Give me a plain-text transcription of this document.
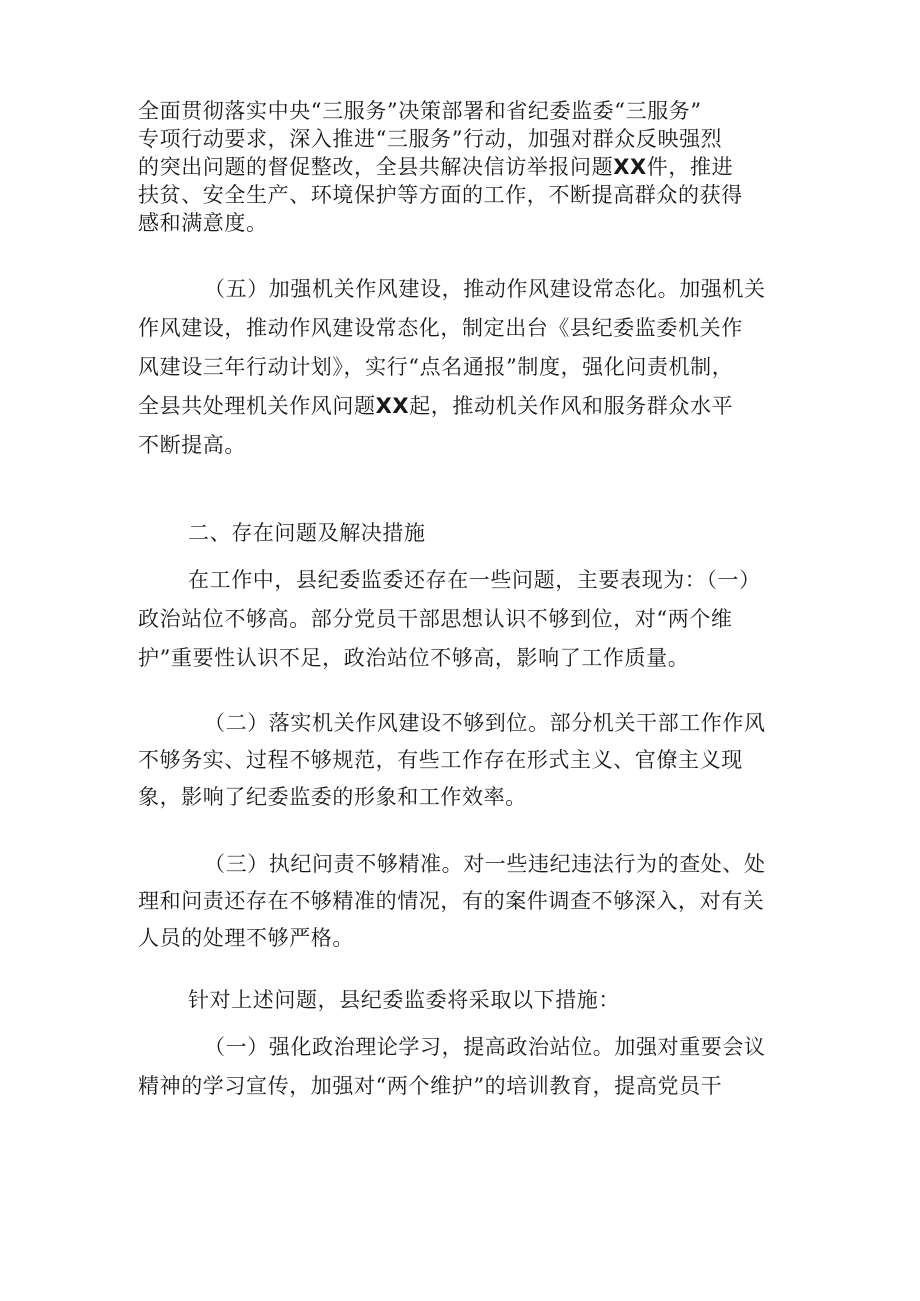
全面贯彻落实中央“三服务”决策部署和省纪委监委“三服务”
专项行动要求，深入推进“三服务”行动，加强对群众反映强烈
的突出问题的督促整改，全县共解决信访举报问题XX件，推进
扶贫、安全生产、环境保护等方面的工作，不断提高群众的获得
感和满意度。
（五）加强机关作风建设，推动作风建设常态化。加强机关
作风建设，推动作风建设常态化，制定出台《县纪委监委机关作
风建设三年行动计划》，实行“点名通报”制度，强化问责机制，
全县共处理机关作风问题XX起，推动机关作风和服务群众水平
不断提高。
二、存在问题及解决措施
在工作中，县纪委监委还存在一些问题，主要表现为：（一）
政治站位不够高。部分党员干部思想认识不够到位，对“两个维
护”重要性认识不足，政治站位不够高，影响了工作质量。
（二）落实机关作风建设不够到位。部分机关干部工作作风
不够务实、过程不够规范，有些工作存在形式主义、官僚主义现
象，影响了纪委监委的形象和工作效率。
（三）执纪问责不够精准。对一些违纪违法行为的查处、处
理和问责还存在不够精准的情况，有的案件调查不够深入，对有关
人员的处理不够严格。
针对上述问题，县纪委监委将采取以下措施：
（一）强化政治理论学习，提高政治站位。加强对重要会议
精神的学习宣传，加强对“两个维护”的培训教育，提高党员干
